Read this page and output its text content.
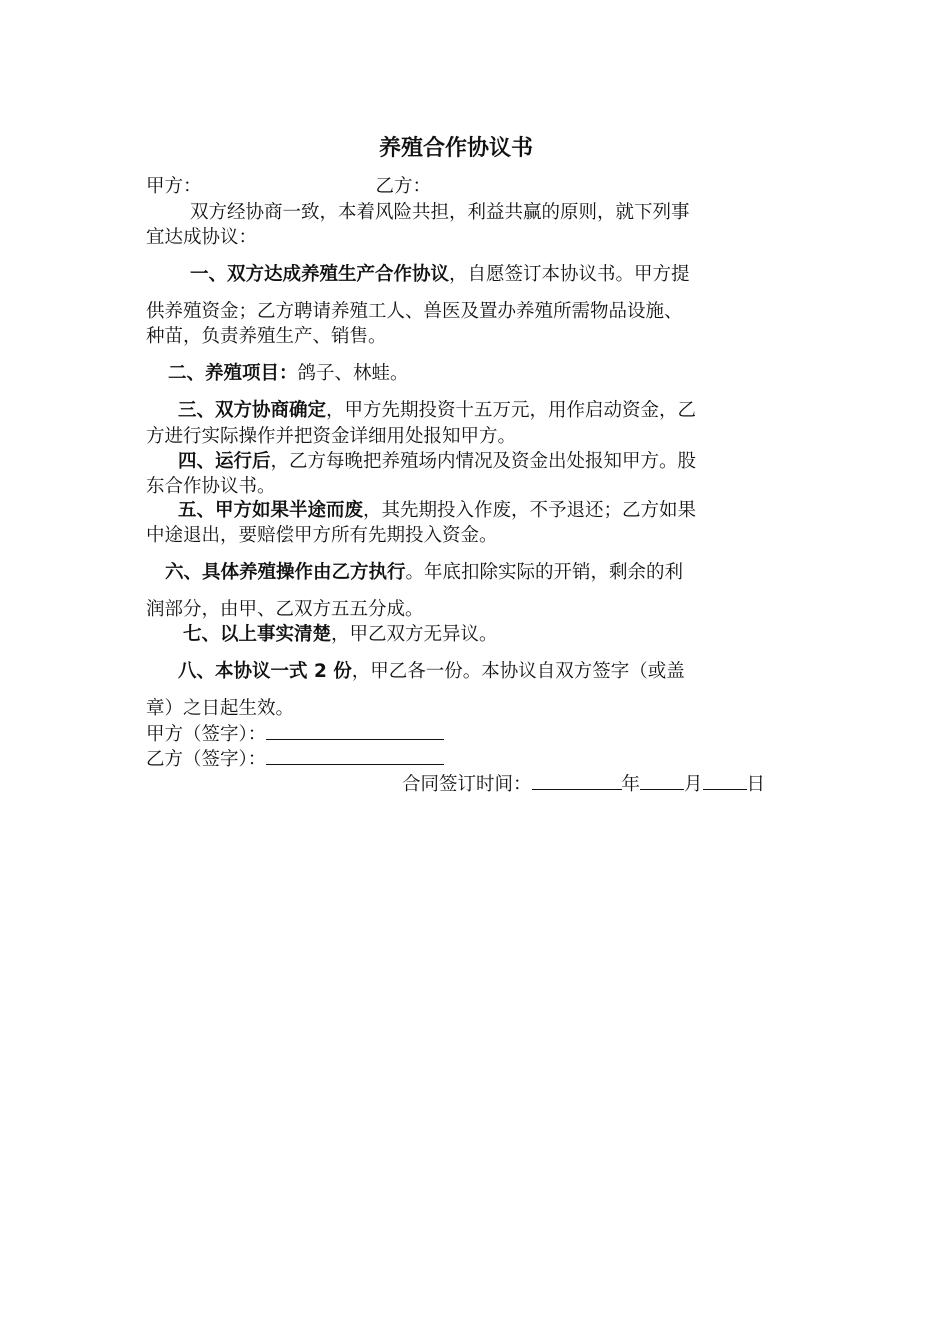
养殖合作协议书
甲方：	乙方：
双方经协商一致，本着风险共担，利益共赢的原则，就下列事
宜达成协议：
一、双方达成养殖生产合作协议，自愿签订本协议书。甲方提
供养殖资金；乙方聘请养殖工人、兽医及置办养殖所需物品设施、
种苗，负责养殖生产、销售。
二、养殖项目：鸽子、林蛙。
三、双方协商确定，甲方先期投资十五万元，用作启动资金，乙
方进行实际操作并把资金详细用处报知甲方。
四、运行后，乙方每晚把养殖场内情况及资金出处报知甲方。股
东合作协议书。
五、甲方如果半途而废，其先期投入作废，不予退还；乙方如果
中途退出，要赔偿甲方所有先期投入资金。
六、具体养殖操作由乙方执行。年底扣除实际的开销，剩余的利
润部分，由甲、乙双方五五分成。
七、以上事实清楚，甲乙双方无异议。
八、本协议一式 2 份，甲乙各一份。本协议自双方签字（或盖
章）之日起生效。
甲方（签字）：
乙方（签字）：
合同签订时间：	年 月 日
